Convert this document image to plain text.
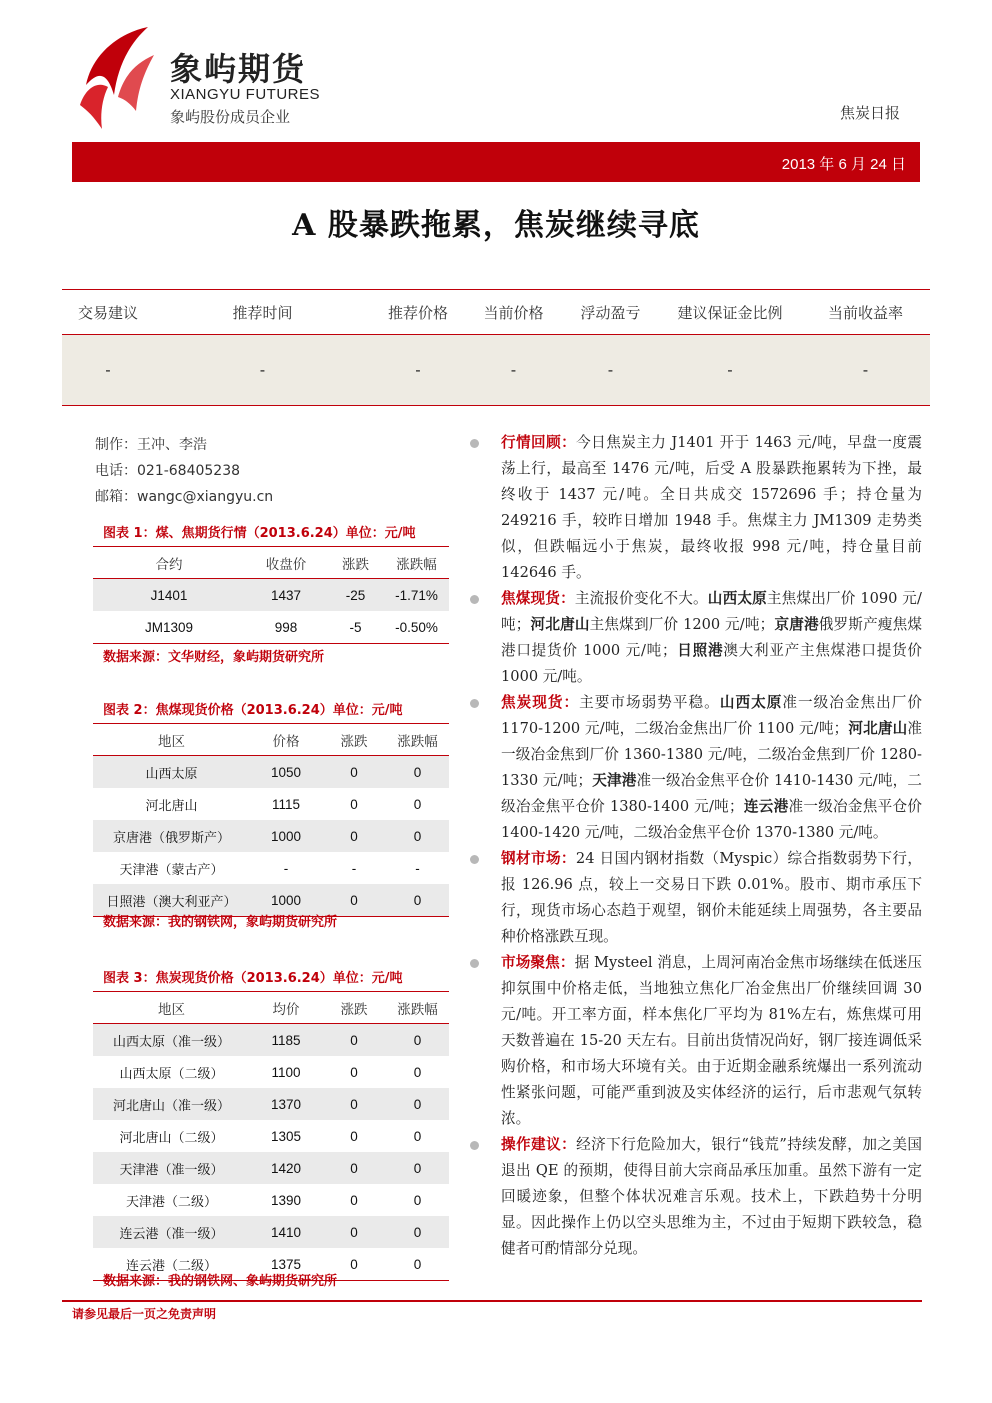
象屿期货
XIANGYU FUTURES
象屿股份成员企业	焦炭日报
2013 年 6 月 24 日
A 股暴跌拖累，焦炭继续寻底
交易建议	推荐时间	推荐价格	当前价格	浮动盈亏	建议保证金比例	当前收益率
-	-	-	-	-	-	-
制作：王冲、李浩
电话：021-68405238
邮箱：wangc@xiangyu.cn
图表 1：煤、焦期货行情（2013.6.24）单位：元/吨
合约	收盘价	涨跌	涨跌幅
J1401	1437	-25	-1.71%
JM1309	998	-5	-0.50%
数据来源：文华财经，象屿期货研究所
图表 2：焦煤现货价格（2013.6.24）单位：元/吨
地区	价格	涨跌	涨跌幅
山西太原	1050	0	0
河北唐山	1115	0	0
京唐港（俄罗斯产）	1000	0	0
天津港（蒙古产）	-	-	-
日照港（澳大利亚产）	1000	0	0
数据来源：我的钢铁网，象屿期货研究所
图表 3：焦炭现货价格（2013.6.24）单位：元/吨
地区	均价	涨跌	涨跌幅
山西太原（准一级）	1185	0	0
山西太原（二级）	1100	0	0
河北唐山（准一级）	1370	0	0
河北唐山（二级）	1305	0	0
天津港（准一级）	1420	0	0
天津港（二级）	1390	0	0
连云港（准一级）	1410	0	0
连云港（二级）	1375	0	0
数据来源：我的钢铁网、象屿期货研究所
行情回顾：今日焦炭主力 J1401 开于 1463 元/吨，早盘一度震荡上行，最高至 1476 元/吨，后受 A 股暴跌拖累转为下挫，最终收于 1437 元/吨。全日共成交 1572696 手；持仓量为 249216 手，较昨日增加 1948 手。焦煤主力 JM1309 走势类似，但跌幅远小于焦炭，最终收报 998 元/吨，持仓量目前 142646 手。
焦煤现货：主流报价变化不大。山西太原主焦煤出厂价 1090 元/吨；河北唐山主焦煤到厂价 1200 元/吨；京唐港俄罗斯产瘦焦煤港口提货价 1000 元/吨；日照港澳大利亚产主焦煤港口提货价 1000 元/吨。
焦炭现货：主要市场弱势平稳。山西太原准一级冶金焦出厂价 1170-1200 元/吨，二级冶金焦出厂价 1100 元/吨；河北唐山准一级冶金焦到厂价 1360-1380 元/吨，二级冶金焦到厂价 1280-1330 元/吨；天津港准一级冶金焦平仓价 1410-1430 元/吨，二级冶金焦平仓价 1380-1400 元/吨；连云港准一级冶金焦平仓价 1400-1420 元/吨，二级冶金焦平仓价 1370-1380 元/吨。
钢材市场：24 日国内钢材指数（Myspic）综合指数弱势下行，报 126.96 点，较上一交易日下跌 0.01%。股市、期市承压下行，现货市场心态趋于观望，钢价未能延续上周强势，各主要品种价格涨跌互现。
市场聚焦：据 Mysteel 消息，上周河南冶金焦市场继续在低迷压抑氛围中价格走低，当地独立焦化厂冶金焦出厂价继续回调 30 元/吨。开工率方面，样本焦化厂平均为 81%左右，炼焦煤可用天数普遍在 15-20 天左右。目前出货情况尚好，钢厂接连调低采购价格，和市场大环境有关。由于近期金融系统爆出一系列流动性紧张问题，可能严重到波及实体经济的运行，后市悲观气氛转浓。
操作建议：经济下行危险加大，银行“钱荒”持续发酵，加之美国退出 QE 的预期，使得目前大宗商品承压加重。虽然下游有一定回暖迹象，但整个体状况难言乐观。技术上，下跌趋势十分明显。因此操作上仍以空头思维为主，不过由于短期下跌较急，稳健者可酌情部分兑现。
请参见最后一页之免责声明
